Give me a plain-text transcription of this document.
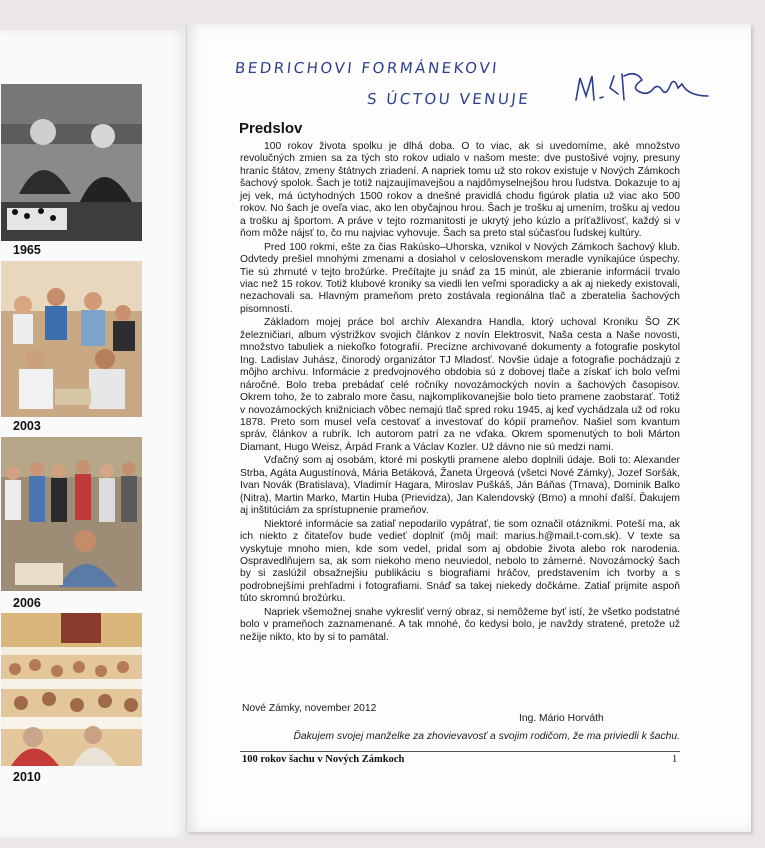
1965
2003
2006
2010
BEDRICHOVI FORMÁNEKOVI
S ÚCTOU VENUJE
Predslov

100 rokov života spolku je dlhá doba. O to viac, ak si uvedomíme, aké množstvo revolučných zmien sa za tých sto rokov udialo v našom meste: dve pustošivé vojny, presuny hraníc štátov, zmeny štátnych zriadení. A napriek tomu už sto rokov existuje v Nových Zámkoch šachový spolok. Šach je totiž najzaujímavejšou a najdômyselnejšou hrou ľudstva. Dokazuje to aj jej vek, má úctyhodných 1500 rokov a dnešné pravidlá chodu figúrok platia už viac ako 500 rokov. No šach je oveľa viac, ako len obyčajnou hrou. Šach je trošku aj umením, trošku aj vedou a trošku aj športom. A práve v tejto rozmanitosti je ukrytý jeho kúzlo a príťažlivosť, každý si v ňom môže nájsť to, čo mu najviac vyhovuje. Šach sa preto stal súčasťou ľudskej kultúry.

Pred 100 rokmi, ešte za čias Rakúsko–Uhorska, vznikol v Nových Zámkoch šachový klub. Odvtedy prešiel mnohými zmenami a dosiahol v celoslovenskom meradle vynikajúce úspechy. Tie sú zhrnuté v tejto brožúrke. Prečítajte ju snáď za 15 minút, ale zbieranie informácií trvalo viac než 15 rokov. Totiž klubové kroniky sa viedli len veľmi sporadicky a ak aj niekedy existovali, nezachovali sa. Hlavným prameňom preto zostávala regionálna tlač a zberatelia šachových pisomností.

Základom mojej práce bol archív Alexandra Handla, ktorý uchoval Kroniku ŠO ZK železničiari, album výstrižkov svojich článkov z novín Elektrosvit, Naša cesta a Naše novosti, množstvo tabuliek a niekoľko fotografií. Precízne archivované dokumenty a fotografie poskytol Ing. Ladislav Juhász, činorodý organizátor TJ Mladosť. Novšie údaje a fotografie pochádzajú z môjho archívu. Informácie z predvojnového obdobia sú z dobovej tlače a získať ich bolo veľmi náročné. Bolo treba prebádať celé ročníky novozámockých novín a šachových časopisov. Okrem toho, že to zabralo more času, najkomplikovanejšie bolo tieto pramene zaobstarať. Totiž v novozámockých knižniciach vôbec nemajú tlač spred roku 1945, aj keď vychádzala už od roku 1878. Preto som musel veľa cestovať a investovať do kópií prameňov. Našiel som kvantum správ, článkov a rubrík. Ich autorom patrí za ne vďaka. Okrem spomenutých to boli Márton Diamant, Hugo Weisz, Árpád Frank a Václav Kozler. Už dávno nie sú medzi nami.

Vďačný som aj osobám, ktoré mi poskytli pramene alebo doplnili údaje. Boli to: Alexander Strba, Agáta Augustínová, Mária Betáková, Žaneta Ürgeová (všetci Nové Zámky), Jozef Soršák, Ivan Novák (Bratislava), Vladimír Hagara, Miroslav Puškáš, Ján Báňas (Trnava), Dominik Balko (Nitra), Martin Marko, Martin Huba (Prievidza), Jan Kalendovský (Brno) a mnohí ďalší. Ďakujem aj inštitúciám za sprístupnenie prameňov.

Niektoré informácie sa zatiaľ nepodarilo vypátrať, tie som označil otáznikmi. Poteší ma, ak ich niekto z čitateľov bude vedieť doplniť (môj mail: marius.h@mail.t-com.sk). V texte sa vyskytuje mnoho mien, kde som vedel, pridal som aj obdobie života alebo rok narodenia. Ospravedlňujem sa, ak som niekoho meno neuviedol, nebolo to zámerné. Novozámocký šach by si zaslúžil obsažnejšiu publikáciu s biografiami hráčov, predstavením ich tvorby a s podrobnejšími prehľadmi i fotografiami. Snáď sa takej niekedy dočkáme. Zatiaľ prijmite aspoň túto skromnú brožúrku.

Napriek všemožnej snahe vykresliť verný obraz, si nemôžeme byť istí, že všetko podstatné bolo v prameňoch zaznamenané. A tak mnohé, čo kedysi bolo, je navždy stratené, pretože už nežije nikto, kto by si to pamätal.

Nové Zámky, november 2012
Ing. Mário Horváth
Ďakujem svojej manželke za zhovievavosť a svojim rodičom, že ma priviedli k šachu.
100 rokov šachu v Nových Zámkoch	1
